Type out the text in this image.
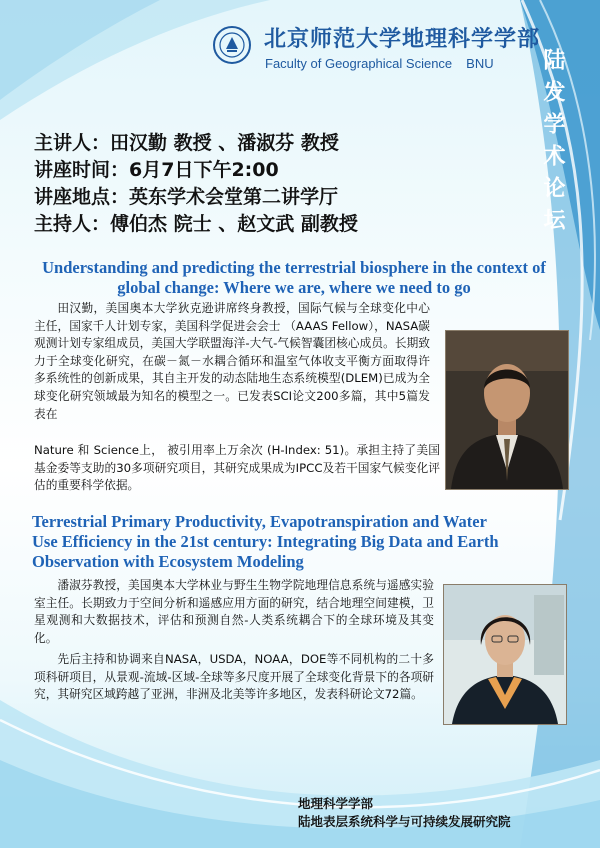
北京师范大学地理科学学部
Faculty of Geographical Science BNU 陆发学术论坛
主讲人：田汉勤 教授 、潘淑芬 教授
讲座时间：6月7日下午2:00
讲座地点：英东学术会堂第二讲学厅
主持人：傅伯杰 院士 、赵文武 副教授
Understanding and predicting the terrestrial biosphere in the context of global change: Where we are, where we need to go

田汉勤，美国奥本大学狄克逊讲席终身教授，国际气候与全球变化中心主任，国家千人计划专家，美国科学促进会会士 （AAAS Fellow），NASA碳观测计划专家组成员，美国大学联盟海洋-大气-气候智囊团核心成员。长期致力于全球变化研究，在碳－氮－水耦合循环和温室气体收支平衡方面取得许多系统性的创新成果，其自主开发的动态陆地生态系统模型(DLEM)已成为全球变化研究领域最为知名的模型之一。已发表SCI论文200多篇，其中5篇发表在

Nature 和 Science上， 被引用率上万余次 (H-Index: 51)。承担主持了美国基金委等支助的30多项研究项目，其研究成果成为IPCC及若干国家气候变化评估的重要科学依据。

Terrestrial Primary Productivity, Evapotranspiration and Water Use Efficiency in the 21st century: Integrating Big Data and Earth Observation with Ecosystem Modeling

潘淑芬教授，美国奥本大学林业与野生生物学院地理信息系统与遥感实验室主任。长期致力于空间分析和遥感应用方面的研究，结合地理空间建模，卫星观测和大数据技术，评估和预测自然-人类系统耦合下的全球环境及其变化。

先后主持和协调来自NASA，USDA，NOAA，DOE等不同机构的二十多项科研项目，从景观-流域-区域-全球等多尺度开展了全球变化背景下的各项研究，其研究区域跨越了亚洲，非洲及北美等许多地区，发表科研论文72篇。

地理科学学部
陆地表层系统科学与可持续发展研究院
